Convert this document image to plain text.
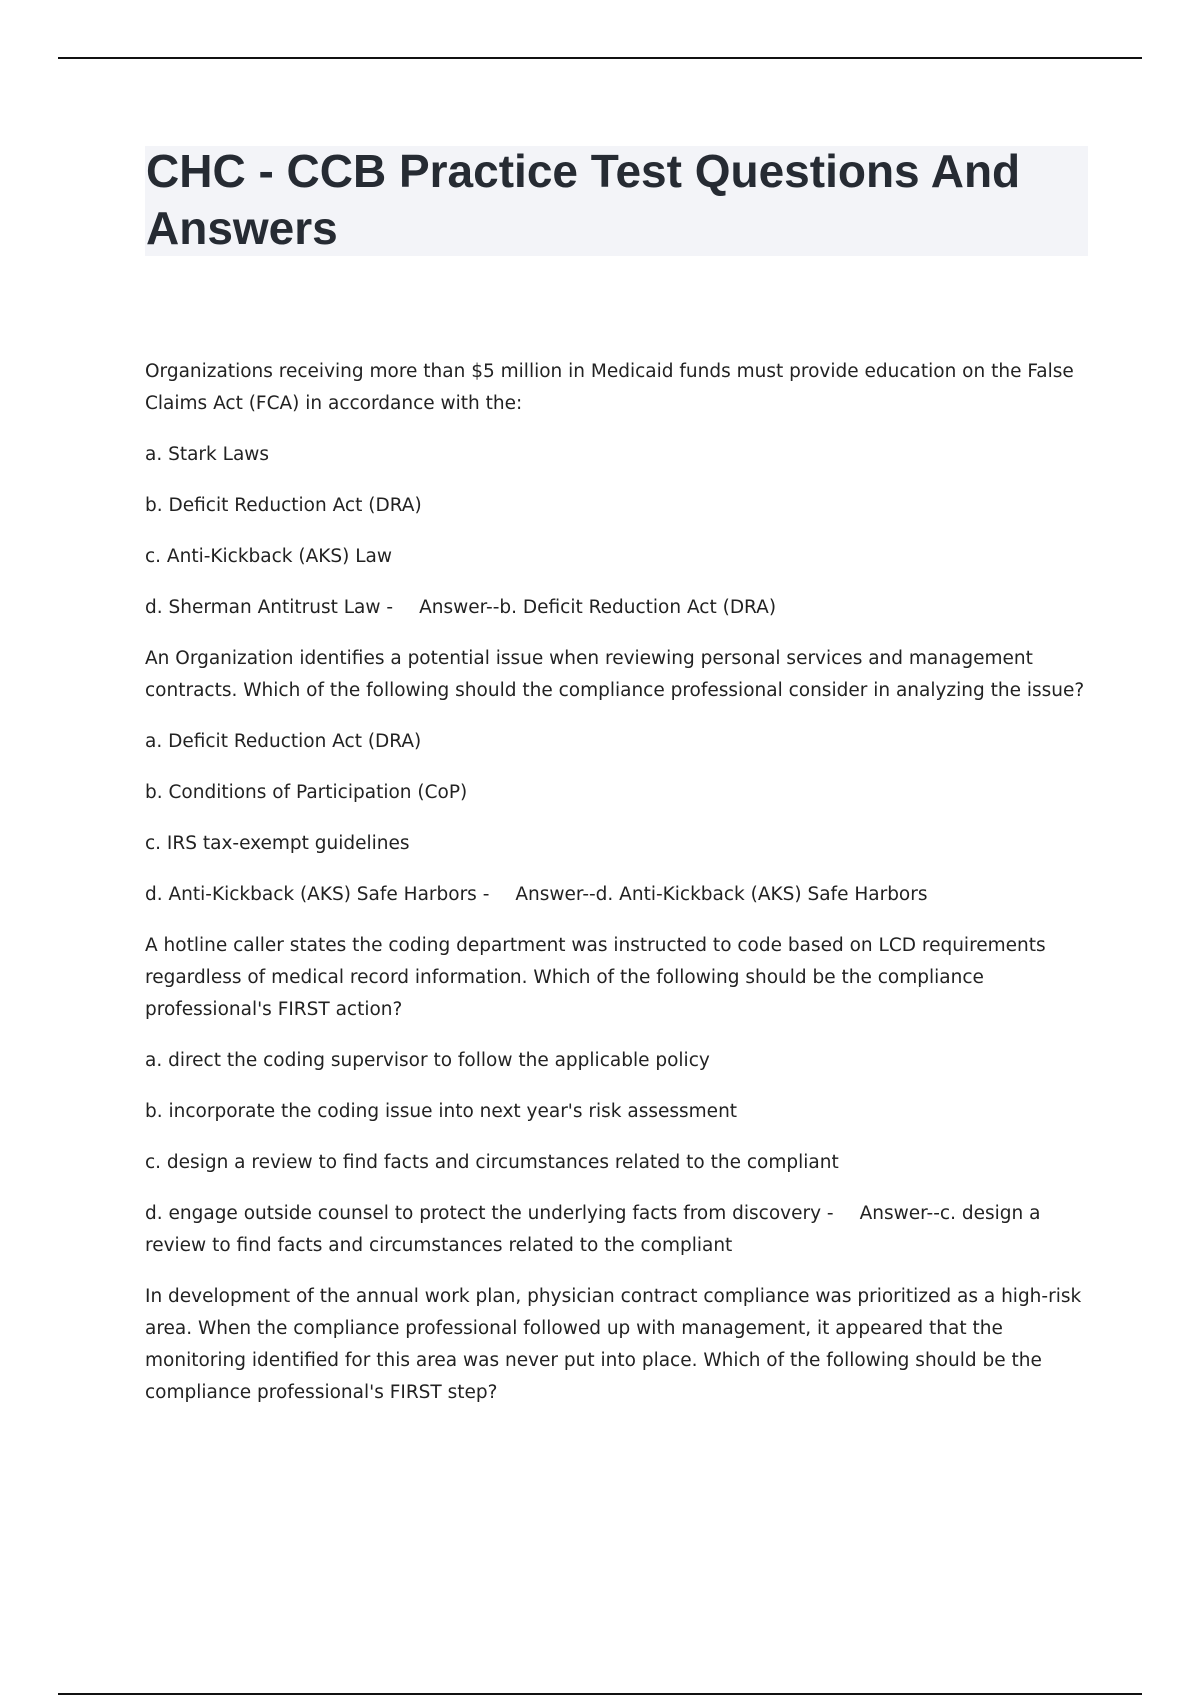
CHC - CCB Practice Test Questions And Answers

Organizations receiving more than $5 million in Medicaid funds must provide education on the False Claims Act (FCA) in accordance with the:

a. Stark Laws

b. Deficit Reduction Act (DRA)

c. Anti-Kickback (AKS) Law

d. Sherman Antitrust Law - Answer--b. Deficit Reduction Act (DRA)

An Organization identifies a potential issue when reviewing personal services and management contracts. Which of the following should the compliance professional consider in analyzing the issue?

a. Deficit Reduction Act (DRA)

b. Conditions of Participation (CoP)

c. IRS tax-exempt guidelines

d. Anti-Kickback (AKS) Safe Harbors - Answer--d. Anti-Kickback (AKS) Safe Harbors

A hotline caller states the coding department was instructed to code based on LCD requirements regardless of medical record information. Which of the following should be the compliance professional's FIRST action?

a. direct the coding supervisor to follow the applicable policy

b. incorporate the coding issue into next year's risk assessment

c. design a review to find facts and circumstances related to the compliant

d. engage outside counsel to protect the underlying facts from discovery - Answer--c. design a review to find facts and circumstances related to the compliant

In development of the annual work plan, physician contract compliance was prioritized as a high-risk area. When the compliance professional followed up with management, it appeared that the monitoring identified for this area was never put into place. Which of the following should be the compliance professional's FIRST step?
